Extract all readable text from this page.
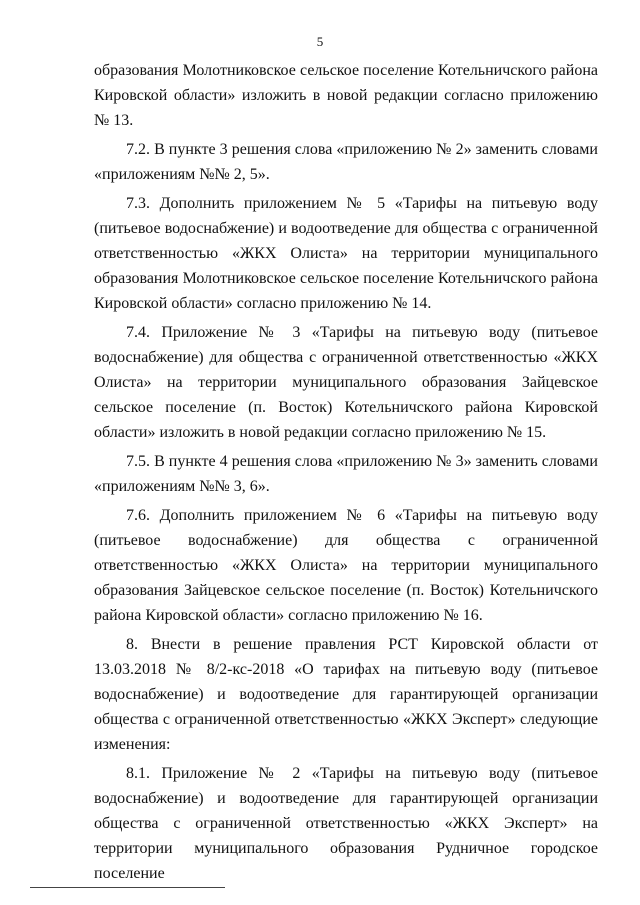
5

образования Молотниковское сельское поселение Котельничского района Кировской области» изложить в новой редакции согласно приложению № 13.

7.2. В пункте 3 решения слова «приложению № 2» заменить словами «приложениям №№ 2, 5».

7.3. Дополнить приложением № 5 «Тарифы на питьевую воду (питьевое водоснабжение) и водоотведение для общества с ограниченной ответственностью «ЖКХ Олиста» на территории муниципального образования Молотниковское сельское поселение Котельничского района Кировской области» согласно приложению № 14.

7.4. Приложение № 3 «Тарифы на питьевую воду (питьевое водоснабжение) для общества с ограниченной ответственностью «ЖКХ Олиста» на территории муниципального образования Зайцевское сельское поселение (п. Восток) Котельничского района Кировской области» изложить в новой редакции согласно приложению № 15.

7.5. В пункте 4 решения слова «приложению № 3» заменить словами «приложениям №№ 3, 6».

7.6. Дополнить приложением № 6 «Тарифы на питьевую воду (питьевое водоснабжение) для общества с ограниченной ответственностью «ЖКХ Олиста» на территории муниципального образования Зайцевское сельское поселение (п. Восток) Котельничского района Кировской области» согласно приложению № 16.

8. Внести в решение правления РСТ Кировской области от 13.03.2018 № 8/2-кс-2018 «О тарифах на питьевую воду (питьевое водоснабжение) и водоотведение для гарантирующей организации общества с ограниченной ответственностью «ЖКХ Эксперт» следующие изменения:

8.1. Приложение № 2 «Тарифы на питьевую воду (питьевое водоснабжение) и водоотведение для гарантирующей организации общества с ограниченной ответственностью «ЖКХ Эксперт» на территории муниципального образования Рудничное городское поселение
